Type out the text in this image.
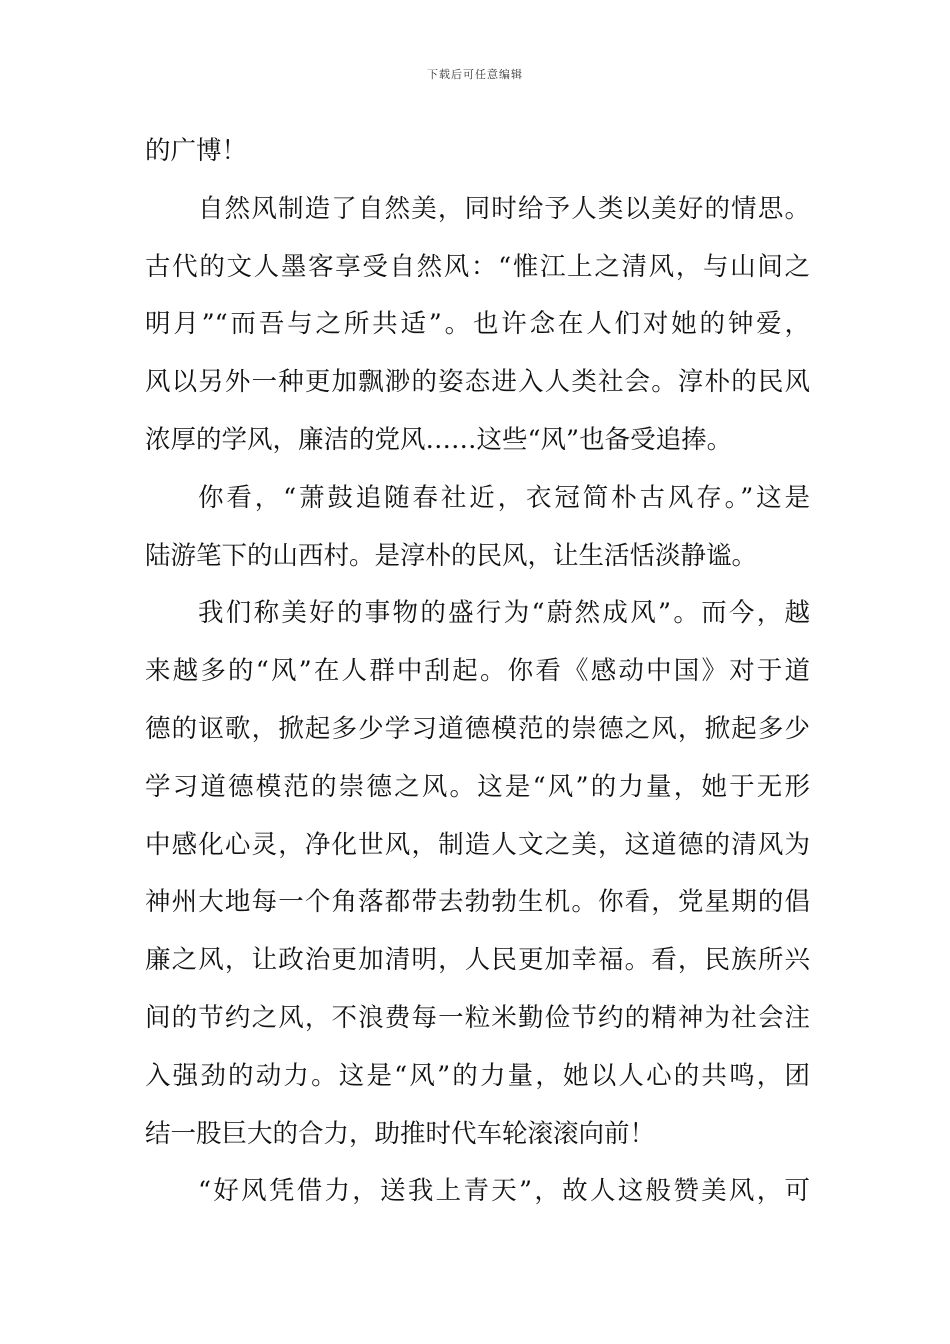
下载后可任意编辑
的广博！
自然风制造了自然美，同时给予人类以美好的情思。
古代的文人墨客享受自然风：“惟江上之清风，与山间之
明月”“而吾与之所共适”。也许念在人们对她的钟爱，
风以另外一种更加飘渺的姿态进入人类社会。淳朴的民风
浓厚的学风，廉洁的党风……这些“风”也备受追捧。
你看，“萧鼓追随春社近，衣冠简朴古风存。”这是
陆游笔下的山西村。是淳朴的民风，让生活恬淡静谧。
我们称美好的事物的盛行为“蔚然成风”。而今，越
来越多的“风”在人群中刮起。你看《感动中国》对于道
德的讴歌，掀起多少学习道德模范的崇德之风，掀起多少
学习道德模范的崇德之风。这是“风”的力量，她于无形
中感化心灵，净化世风，制造人文之美，这道德的清风为
神州大地每一个角落都带去勃勃生机。你看，党星期的倡
廉之风，让政治更加清明，人民更加幸福。看，民族所兴
间的节约之风，不浪费每一粒米勤俭节约的精神为社会注
入强劲的动力。这是“风”的力量，她以人心的共鸣，团
结一股巨大的合力，助推时代车轮滚滚向前！
“好风凭借力，送我上青天”，故人这般赞美风，可
